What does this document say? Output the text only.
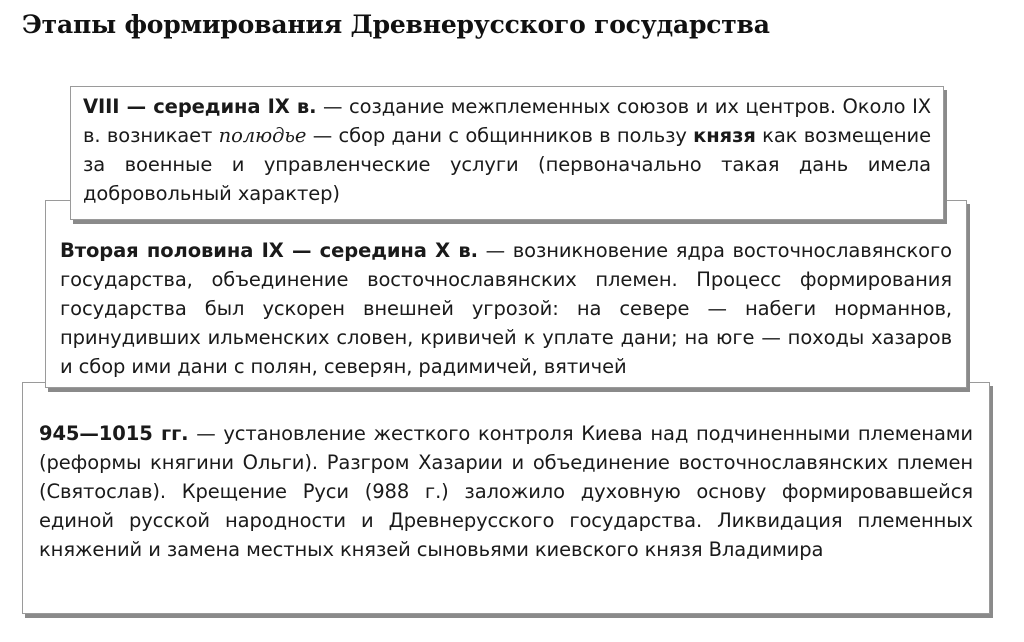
Этапы формирования Древнерусского государства

VIII — середина IX в. — создание межплеменных союзов и их центров. Около IX в. возникает полюдье — сбор дани с общинников в пользу князя как возмещение за военные и управленческие услуги (первоначально такая дань имела добровольный характер)

Вторая половина IX — середина X в. — возникновение ядра восточнославянского государства, объединение восточнославянских племен. Процесс формирования государства был ускорен внешней угрозой: на севере — набеги норманнов, принудивших ильменских словен, кривичей к уплате дани; на юге — походы хазаров и сбор ими дани с полян, северян, радимичей, вятичей

945—1015 гг. — установление жесткого контроля Киева над подчиненными племенами (реформы княгини Ольги). Разгром Хазарии и объединение восточнославянских племен (Святослав). Крещение Руси (988 г.) заложило духовную основу формировавшейся единой русской народности и Древнерусского государства. Ликвидация племенных княжений и замена местных князей сыновьями киевского князя Владимира
